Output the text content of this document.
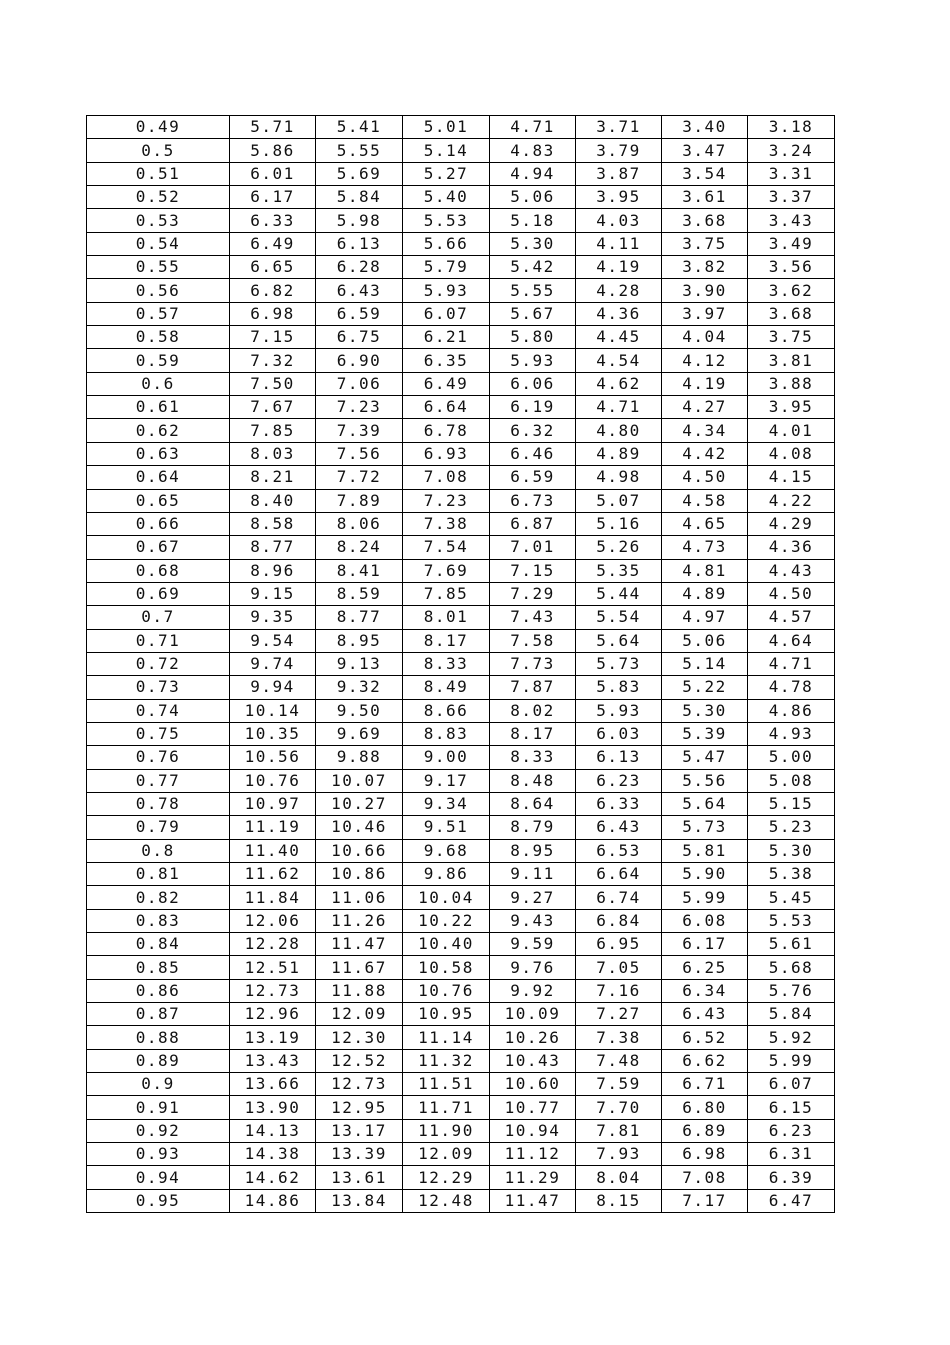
0.49	5.71	5.41	5.01	4.71	3.71	3.40	3.18
0.5	5.86	5.55	5.14	4.83	3.79	3.47	3.24
0.51	6.01	5.69	5.27	4.94	3.87	3.54	3.31
0.52	6.17	5.84	5.40	5.06	3.95	3.61	3.37
0.53	6.33	5.98	5.53	5.18	4.03	3.68	3.43
0.54	6.49	6.13	5.66	5.30	4.11	3.75	3.49
0.55	6.65	6.28	5.79	5.42	4.19	3.82	3.56
0.56	6.82	6.43	5.93	5.55	4.28	3.90	3.62
0.57	6.98	6.59	6.07	5.67	4.36	3.97	3.68
0.58	7.15	6.75	6.21	5.80	4.45	4.04	3.75
0.59	7.32	6.90	6.35	5.93	4.54	4.12	3.81
0.6	7.50	7.06	6.49	6.06	4.62	4.19	3.88
0.61	7.67	7.23	6.64	6.19	4.71	4.27	3.95
0.62	7.85	7.39	6.78	6.32	4.80	4.34	4.01
0.63	8.03	7.56	6.93	6.46	4.89	4.42	4.08
0.64	8.21	7.72	7.08	6.59	4.98	4.50	4.15
0.65	8.40	7.89	7.23	6.73	5.07	4.58	4.22
0.66	8.58	8.06	7.38	6.87	5.16	4.65	4.29
0.67	8.77	8.24	7.54	7.01	5.26	4.73	4.36
0.68	8.96	8.41	7.69	7.15	5.35	4.81	4.43
0.69	9.15	8.59	7.85	7.29	5.44	4.89	4.50
0.7	9.35	8.77	8.01	7.43	5.54	4.97	4.57
0.71	9.54	8.95	8.17	7.58	5.64	5.06	4.64
0.72	9.74	9.13	8.33	7.73	5.73	5.14	4.71
0.73	9.94	9.32	8.49	7.87	5.83	5.22	4.78
0.74	10.14	9.50	8.66	8.02	5.93	5.30	4.86
0.75	10.35	9.69	8.83	8.17	6.03	5.39	4.93
0.76	10.56	9.88	9.00	8.33	6.13	5.47	5.00
0.77	10.76	10.07	9.17	8.48	6.23	5.56	5.08
0.78	10.97	10.27	9.34	8.64	6.33	5.64	5.15
0.79	11.19	10.46	9.51	8.79	6.43	5.73	5.23
0.8	11.40	10.66	9.68	8.95	6.53	5.81	5.30
0.81	11.62	10.86	9.86	9.11	6.64	5.90	5.38
0.82	11.84	11.06	10.04	9.27	6.74	5.99	5.45
0.83	12.06	11.26	10.22	9.43	6.84	6.08	5.53
0.84	12.28	11.47	10.40	9.59	6.95	6.17	5.61
0.85	12.51	11.67	10.58	9.76	7.05	6.25	5.68
0.86	12.73	11.88	10.76	9.92	7.16	6.34	5.76
0.87	12.96	12.09	10.95	10.09	7.27	6.43	5.84
0.88	13.19	12.30	11.14	10.26	7.38	6.52	5.92
0.89	13.43	12.52	11.32	10.43	7.48	6.62	5.99
0.9	13.66	12.73	11.51	10.60	7.59	6.71	6.07
0.91	13.90	12.95	11.71	10.77	7.70	6.80	6.15
0.92	14.13	13.17	11.90	10.94	7.81	6.89	6.23
0.93	14.38	13.39	12.09	11.12	7.93	6.98	6.31
0.94	14.62	13.61	12.29	11.29	8.04	7.08	6.39
0.95	14.86	13.84	12.48	11.47	8.15	7.17	6.47
